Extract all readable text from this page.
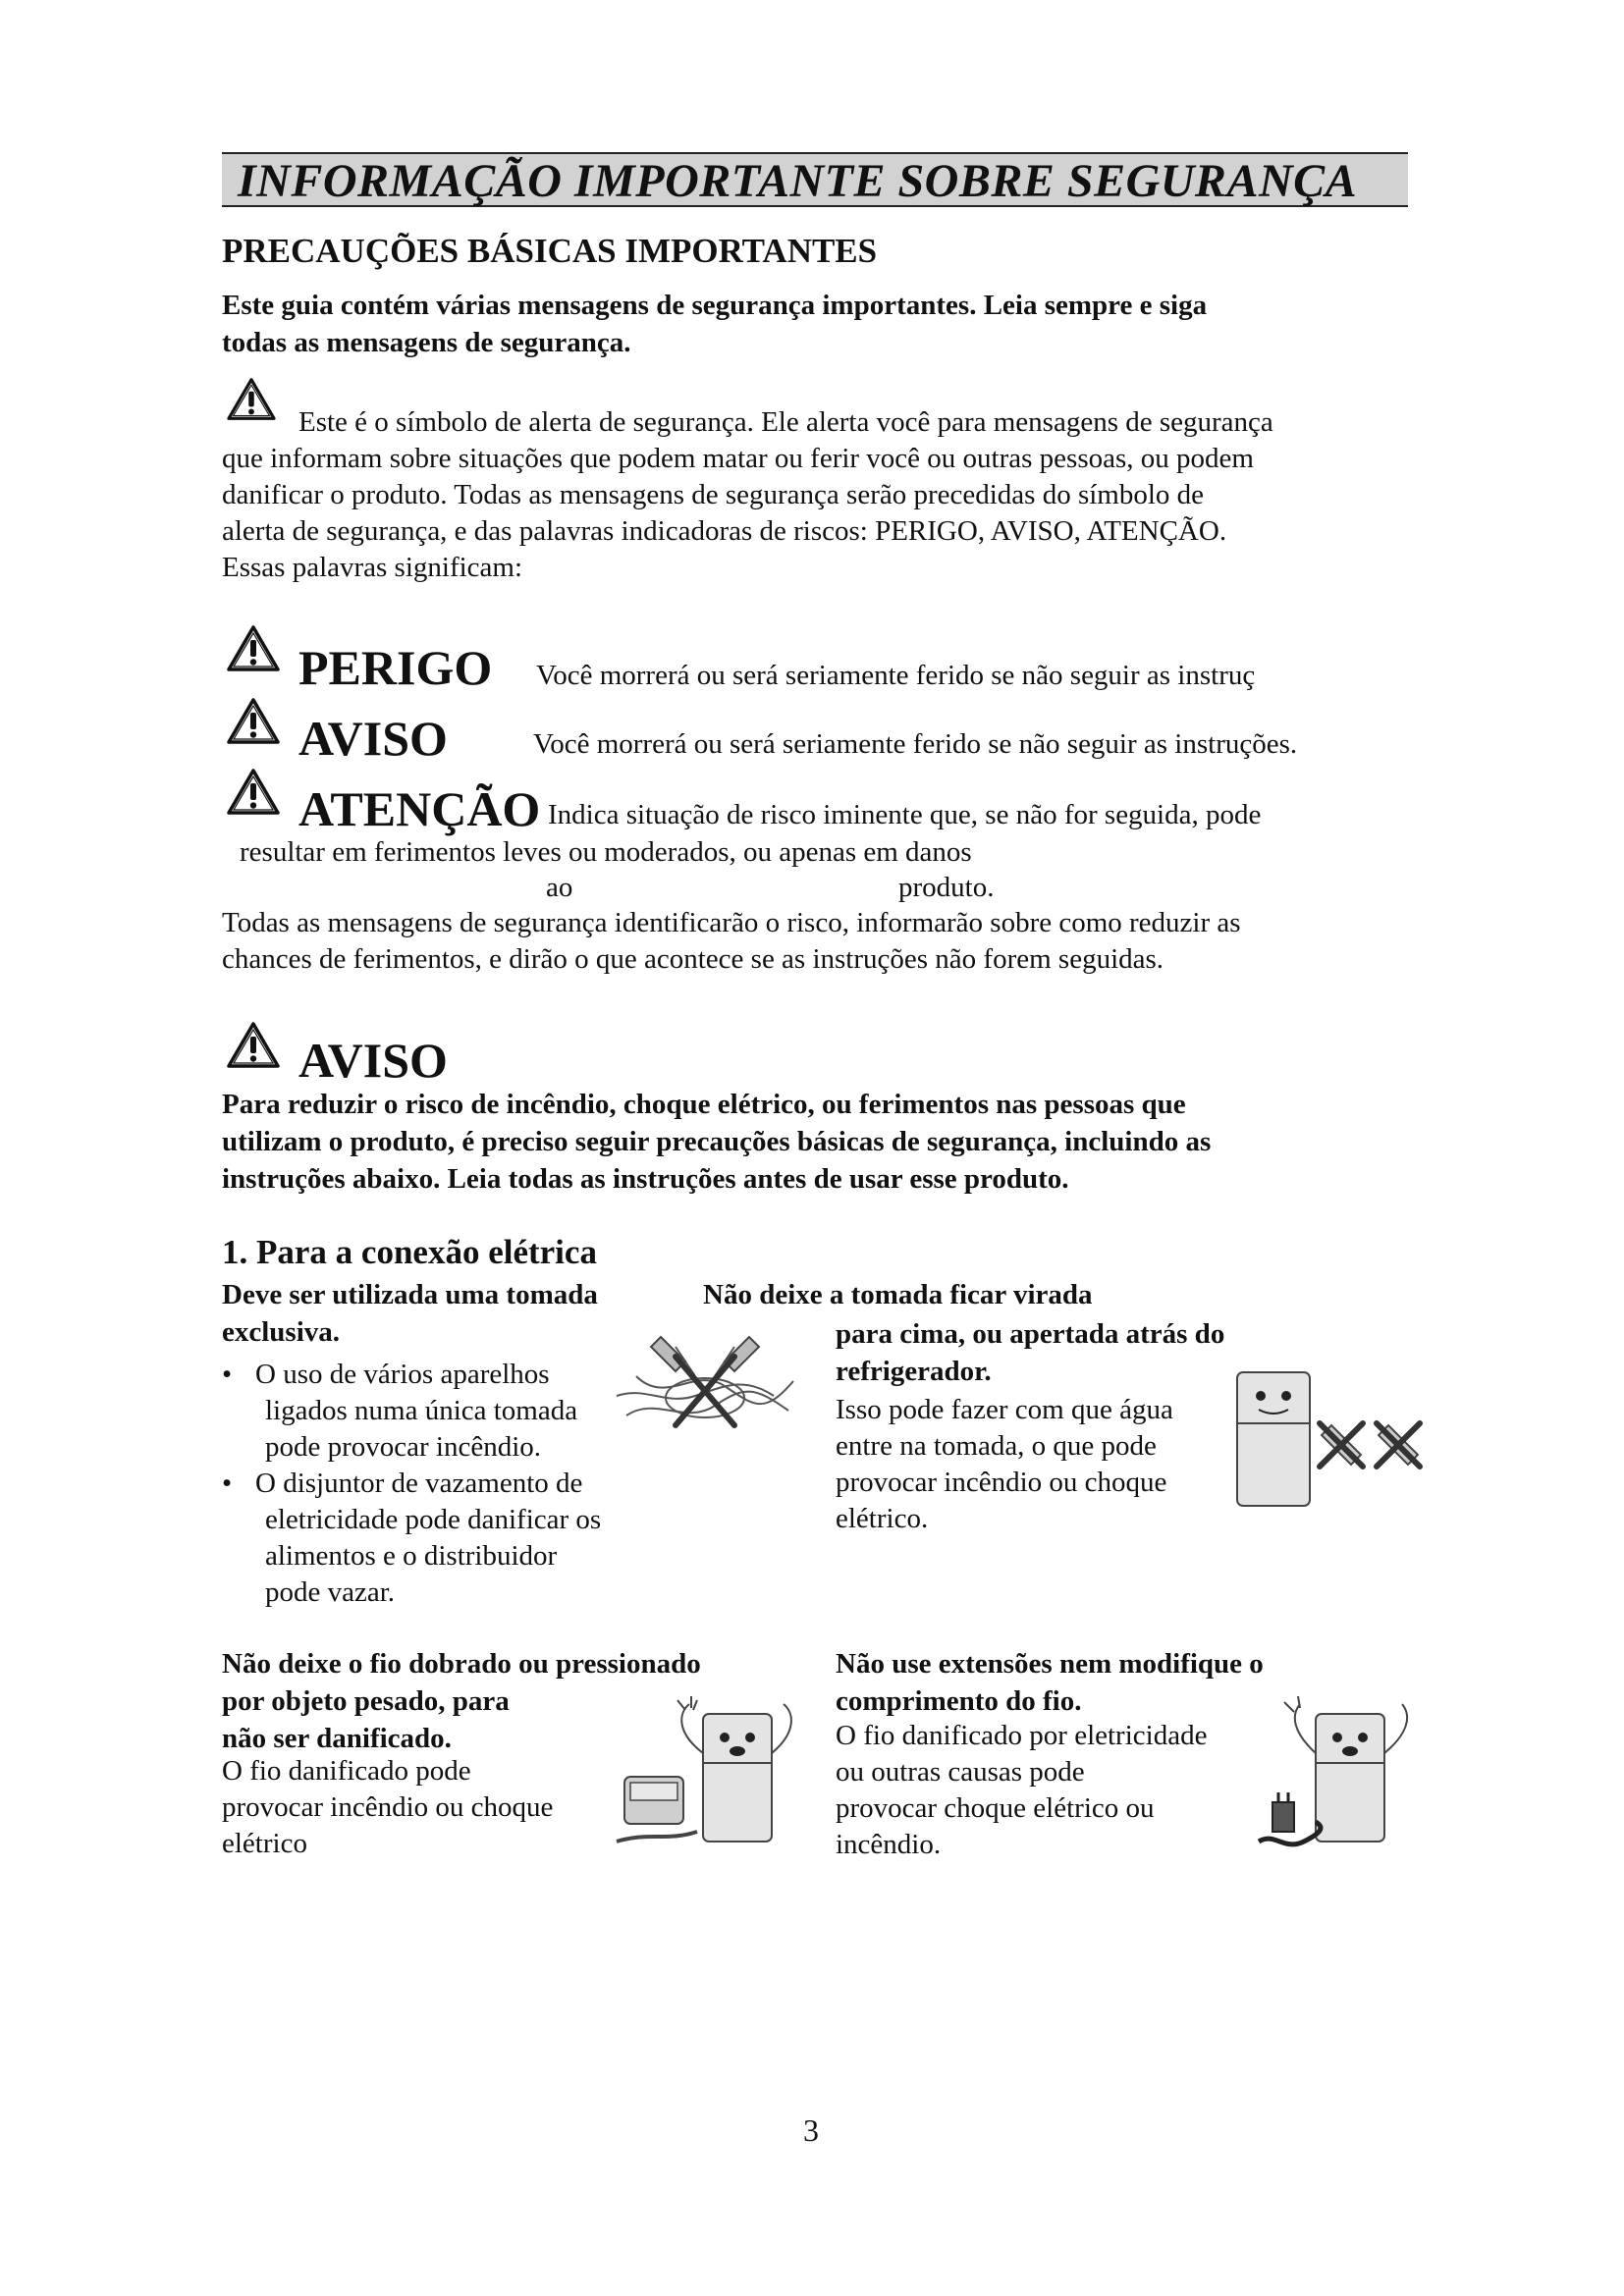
INFORMAÇÃO IMPORTANTE SOBRE SEGURANÇA
PRECAUÇÕES BÁSICAS IMPORTANTES
Este guia contém várias mensagens de segurança importantes. Leia sempre e siga
todas as mensagens de segurança.
Este é o símbolo de alerta de segurança. Ele alerta você para mensagens de segurança
que informam sobre situações que podem matar ou ferir você ou outras pessoas, ou podem
danificar o produto. Todas as mensagens de segurança serão precedidas do símbolo de
alerta de segurança, e das palavras indicadoras de riscos: PERIGO, AVISO, ATENÇÃO.
Essas palavras significam:
PERIGO Você morrerá ou será seriamente ferido se não seguir as instruç
AVISO	Você morrerá ou será seriamente ferido se não seguir as instruções.
ATENÇÃO Indica situação de risco iminente que, se não for seguida, pode
resultar em ferimentos leves ou moderados, ou apenas em danos
ao	produto.
Todas as mensagens de segurança identificarão o risco, informarão sobre como reduzir as
chances de ferimentos, e dirão o que acontece se as instruções não forem seguidas.
AVISO
Para reduzir o risco de incêndio, choque elétrico, ou ferimentos nas pessoas que
utilizam o produto, é preciso seguir precauções básicas de segurança, incluindo as
instruções abaixo. Leia todas as instruções antes de usar esse produto.
1. Para a conexão elétrica
Deve ser utilizada uma tomada
exclusiva.
• O uso de vários aparelhos
ligados numa única tomada
pode provocar incêndio.
• O disjuntor de vazamento de
eletricidade pode danificar os
alimentos e o distribuidor
pode vazar.
Não deixe a tomada ficar virada
para cima, ou apertada atrás do
refrigerador.
Isso pode fazer com que água
entre na tomada, o que pode
provocar incêndio ou choque
elétrico.
Não deixe o fio dobrado ou pressionado
por objeto pesado, para
não ser danificado.
O fio danificado pode
provocar incêndio ou choque
elétrico
Não use extensões nem modifique o
comprimento do fio.
O fio danificado por eletricidade
ou outras causas pode
provocar choque elétrico ou
incêndio.
3
